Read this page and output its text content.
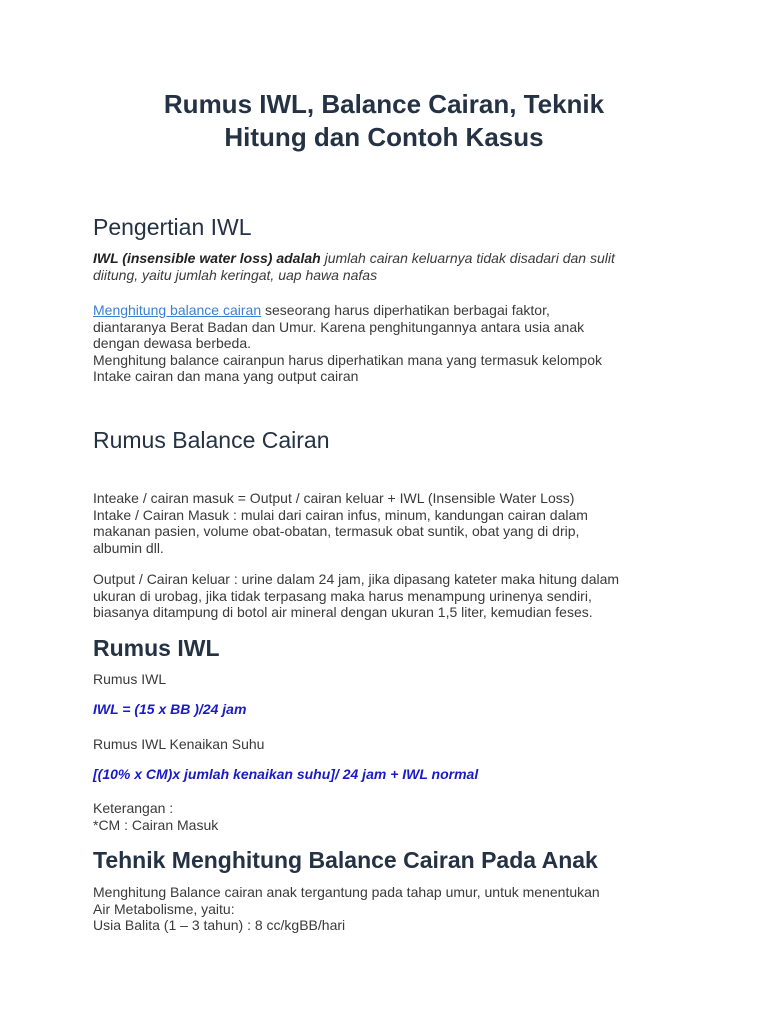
Rumus IWL, Balance Cairan, Teknik
Hitung dan Contoh Kasus
Pengertian IWL
IWL (insensible water loss) adalah jumlah cairan keluarnya tidak disadari dan sulit
diitung, yaitu jumlah keringat, uap hawa nafas
Menghitung balance cairan seseorang harus diperhatikan berbagai faktor,
diantaranya Berat Badan dan Umur. Karena penghitungannya antara usia anak
dengan dewasa berbeda.
Menghitung balance cairanpun harus diperhatikan mana yang termasuk kelompok
Intake cairan dan mana yang output cairan
Rumus Balance Cairan
Inteake / cairan masuk = Output / cairan keluar + IWL (Insensible Water Loss)
Intake / Cairan Masuk : mulai dari cairan infus, minum, kandungan cairan dalam
makanan pasien, volume obat-obatan, termasuk obat suntik, obat yang di drip,
albumin dll.
Output / Cairan keluar : urine dalam 24 jam, jika dipasang kateter maka hitung dalam
ukuran di urobag, jika tidak terpasang maka harus menampung urinenya sendiri,
biasanya ditampung di botol air mineral dengan ukuran 1,5 liter, kemudian feses.
Rumus IWL
Rumus IWL
IWL = (15 x BB )/24 jam
Rumus IWL Kenaikan Suhu
[(10% x CM)x jumlah kenaikan suhu]/ 24 jam + IWL normal
Keterangan :
*CM : Cairan Masuk
Tehnik Menghitung Balance Cairan Pada Anak
Menghitung Balance cairan anak tergantung pada tahap umur, untuk menentukan
Air Metabolisme, yaitu:
Usia Balita (1 – 3 tahun) : 8 cc/kgBB/hari
